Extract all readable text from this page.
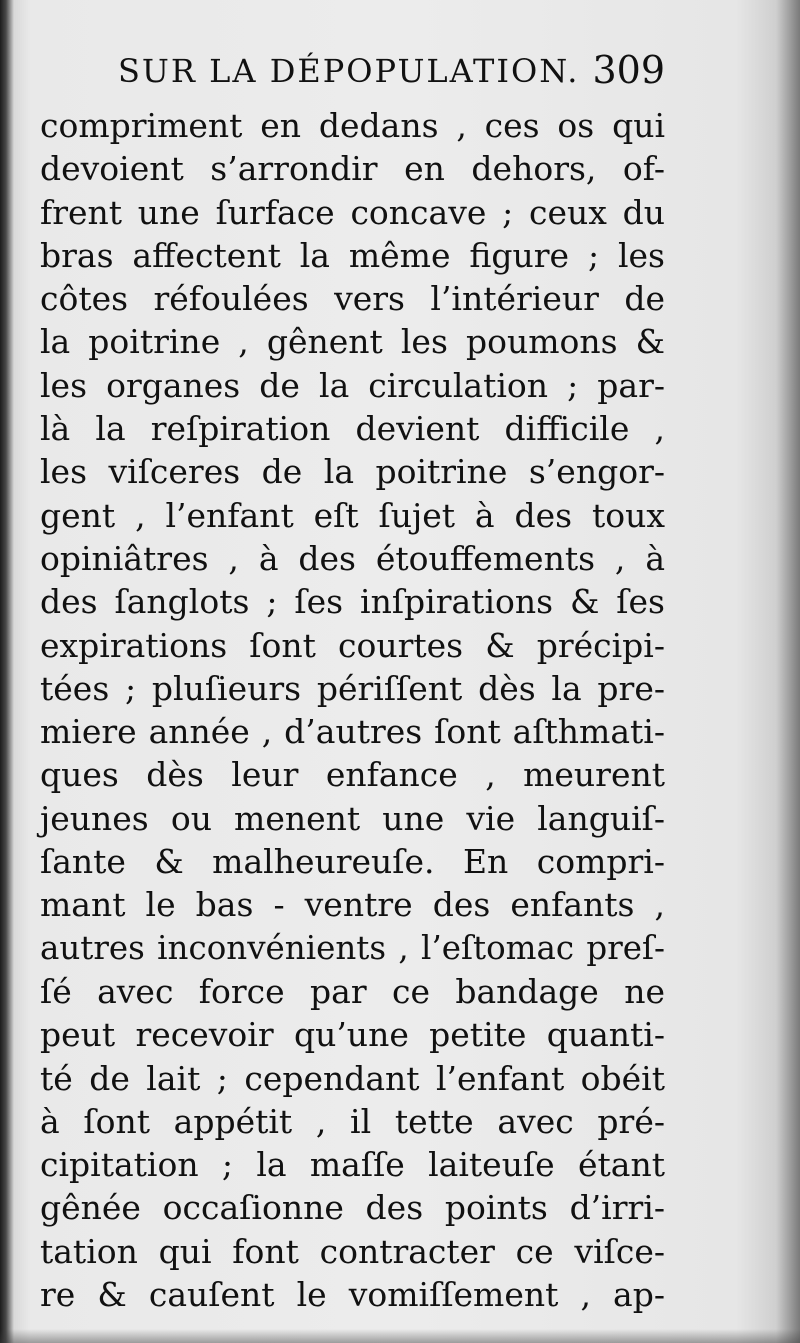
SUR LA DÉPOPULATION. 309
compriment en dedans , ces os qui
devoient s’arrondir en dehors, of-
frent une ſurface concave ; ceux du
bras affectent la même figure ; les
côtes réfoulées vers l’intérieur de
la poitrine , gênent les poumons &
les organes de la circulation ; par-
là la reſpiration devient difficile ,
les viſceres de la poitrine s’engor-
gent , l’enfant eſt ſujet à des toux
opiniâtres , à des étouffements , à
des ſanglots ; ſes inſpirations & ſes
expirations ſont courtes & précipi-
tées ; pluſieurs périſſent dès la pre-
miere année , d’autres ſont aſthmati-
ques dès leur enfance , meurent
jeunes ou menent une vie languiſ-
ſante & malheureuſe. En compri-
mant le bas - ventre des enfants ,
autres inconvénients , l’eſtomac preſ-
ſé avec force par ce bandage ne
peut recevoir qu’une petite quanti-
té de lait ; cependant l’enfant obéit
à ſont appétit , il tette avec pré-
cipitation ; la maſſe laiteuſe étant
gênée occaſionne des points d’irri-
tation qui font contracter ce viſce-
re & cauſent le vomiſſement , ap-
